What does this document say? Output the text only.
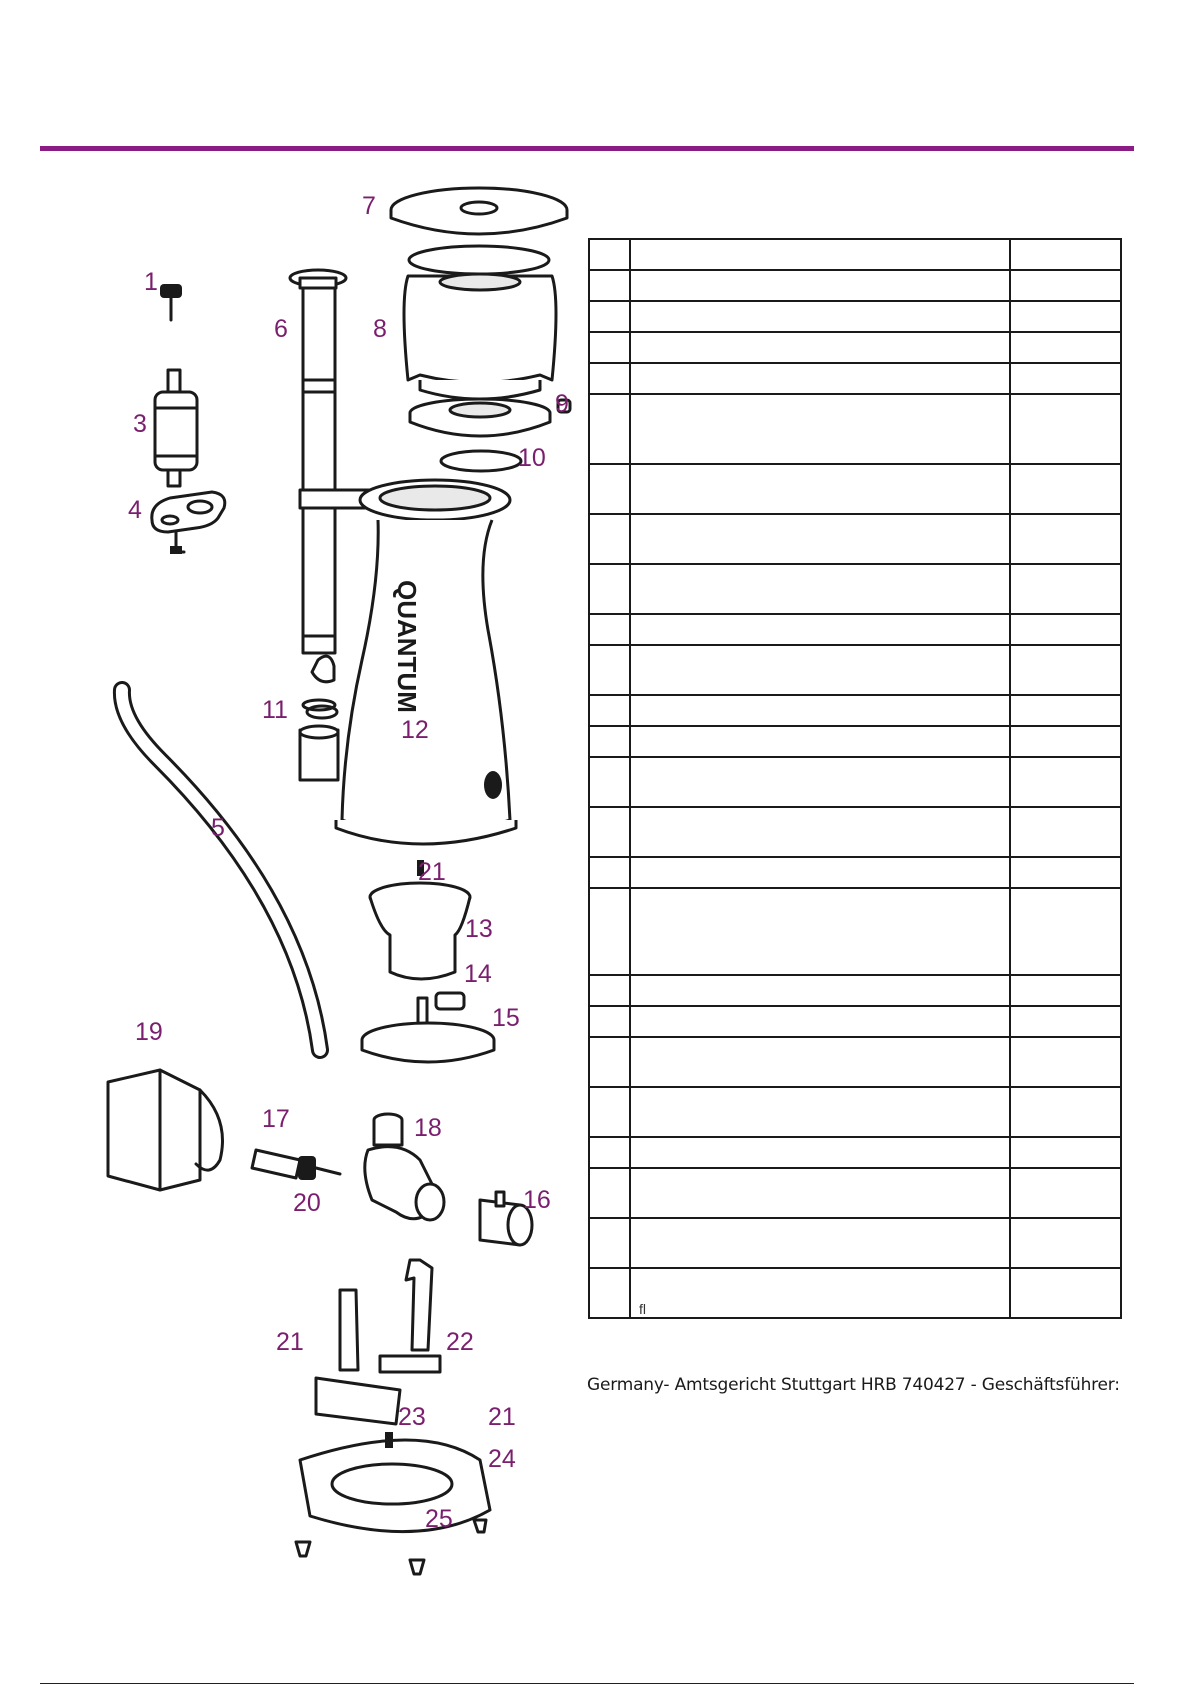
QUANTUM
1
3
4
5
6
7
8
9
10
11
12
21
13
14
15
19
17	18
20	16
21	22
23 21
24
25

	fl	
Germany- Amtsgericht Stuttgart HRB 740427 - Geschäftsführer:
